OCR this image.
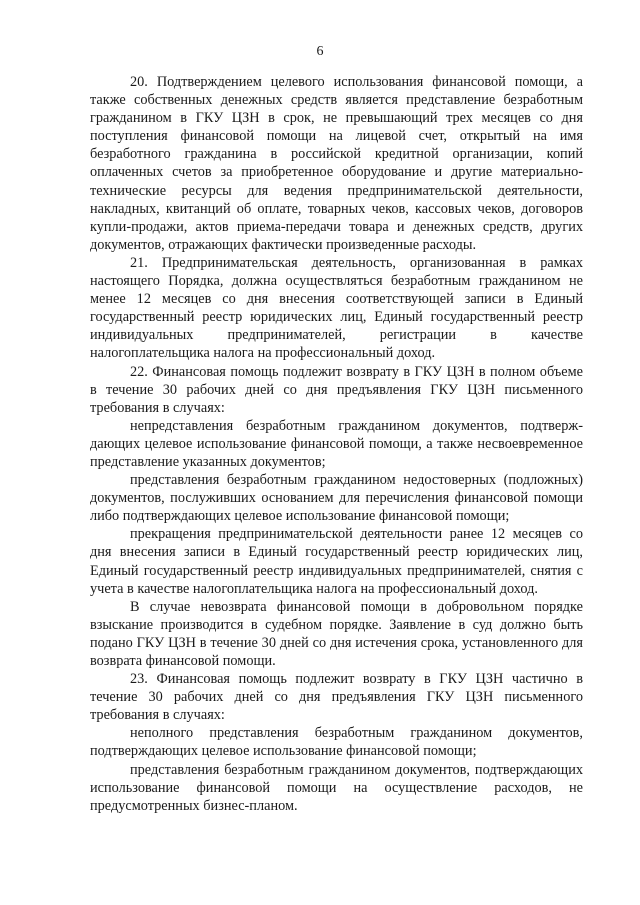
6

20. Подтверждением целевого использования финансовой помощи, а также собственных денежных средств является представление безработным гражданином в ГКУ ЦЗН в срок, не превышающий трех месяцев со дня поступления финансовой помощи на лицевой счет, открытый на имя безработного гражданина в российской кредитной организации, копий оплаченных счетов за приобретенное оборудование и другие материально-технические ресурсы для ведения предпринимательской деятельности, накладных, квитанций об оплате, товарных чеков, кассовых чеков, договоров купли-продажи, актов приема-передачи товара и денежных средств, других документов, отражающих фактически произведенные расходы.

21. Предпринимательская деятельность, организованная в рамках настоящего Порядка, должна осуществляться безработным гражданином не менее 12 месяцев со дня внесения соответствующей записи в Единый государственный реестр юридических лиц, Единый государственный реестр индивидуальных предпринимателей, регистрации в качестве налогоплательщика налога на профессиональный доход.

22. Финансовая помощь подлежит возврату в ГКУ ЦЗН в полном объеме в течение 30 рабочих дней со дня предъявления ГКУ ЦЗН письменного требования в случаях:

непредставления безработным гражданином документов, подтверждающих целевое использование финансовой помощи, а также несвоевременное представление указанных документов;

представления безработным гражданином недостоверных (подложных) документов, послуживших основанием для перечисления финансовой помощи либо подтверждающих целевое использование финансовой помощи;

прекращения предпринимательской деятельности ранее 12 месяцев со дня внесения записи в Единый государственный реестр юридических лиц, Единый государственный реестр индивидуальных предпринимателей, снятия с учета в качестве налогоплательщика налога на профессиональный доход.

В случае невозврата финансовой помощи в добровольном порядке взыскание производится в судебном порядке. Заявление в суд должно быть подано ГКУ ЦЗН в течение 30 дней со дня истечения срока, установленного для возврата финансовой помощи.

23. Финансовая помощь подлежит возврату в ГКУ ЦЗН частично в течение 30 рабочих дней со дня предъявления ГКУ ЦЗН письменного требования в случаях:

неполного представления безработным гражданином документов, подтверждающих целевое использование финансовой помощи;

представления безработным гражданином документов, подтверждающих использование финансовой помощи на осуществление расходов, не предусмотренных бизнес-планом.
